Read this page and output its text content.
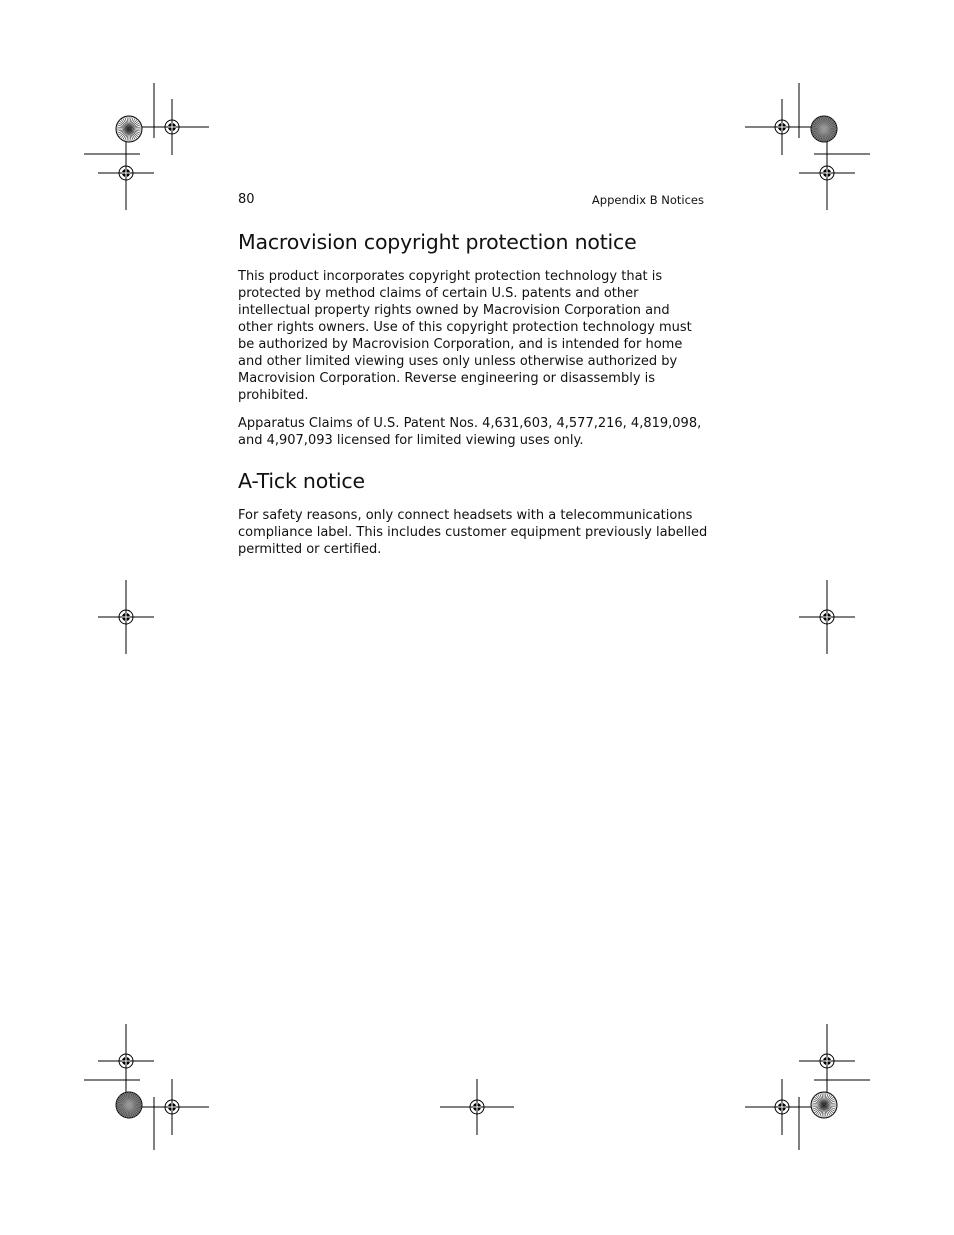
80	Appendix B Notices
Macrovision copyright protection notice

This product incorporates copyright protection technology that is protected by method claims of certain U.S. patents and other intellectual property rights owned by Macrovision Corporation and other rights owners. Use of this copyright protection technology must be authorized by Macrovision Corporation, and is intended for home and other limited viewing uses only unless otherwise authorized by Macrovision Corporation. Reverse engineering or disassembly is prohibited.

Apparatus Claims of U.S. Patent Nos. 4,631,603, 4,577,216, 4,819,098, and 4,907,093 licensed for limited viewing uses only.

A-Tick notice

For safety reasons, only connect headsets with a telecommunications compliance label. This includes customer equipment previously labelled permitted or certified.
